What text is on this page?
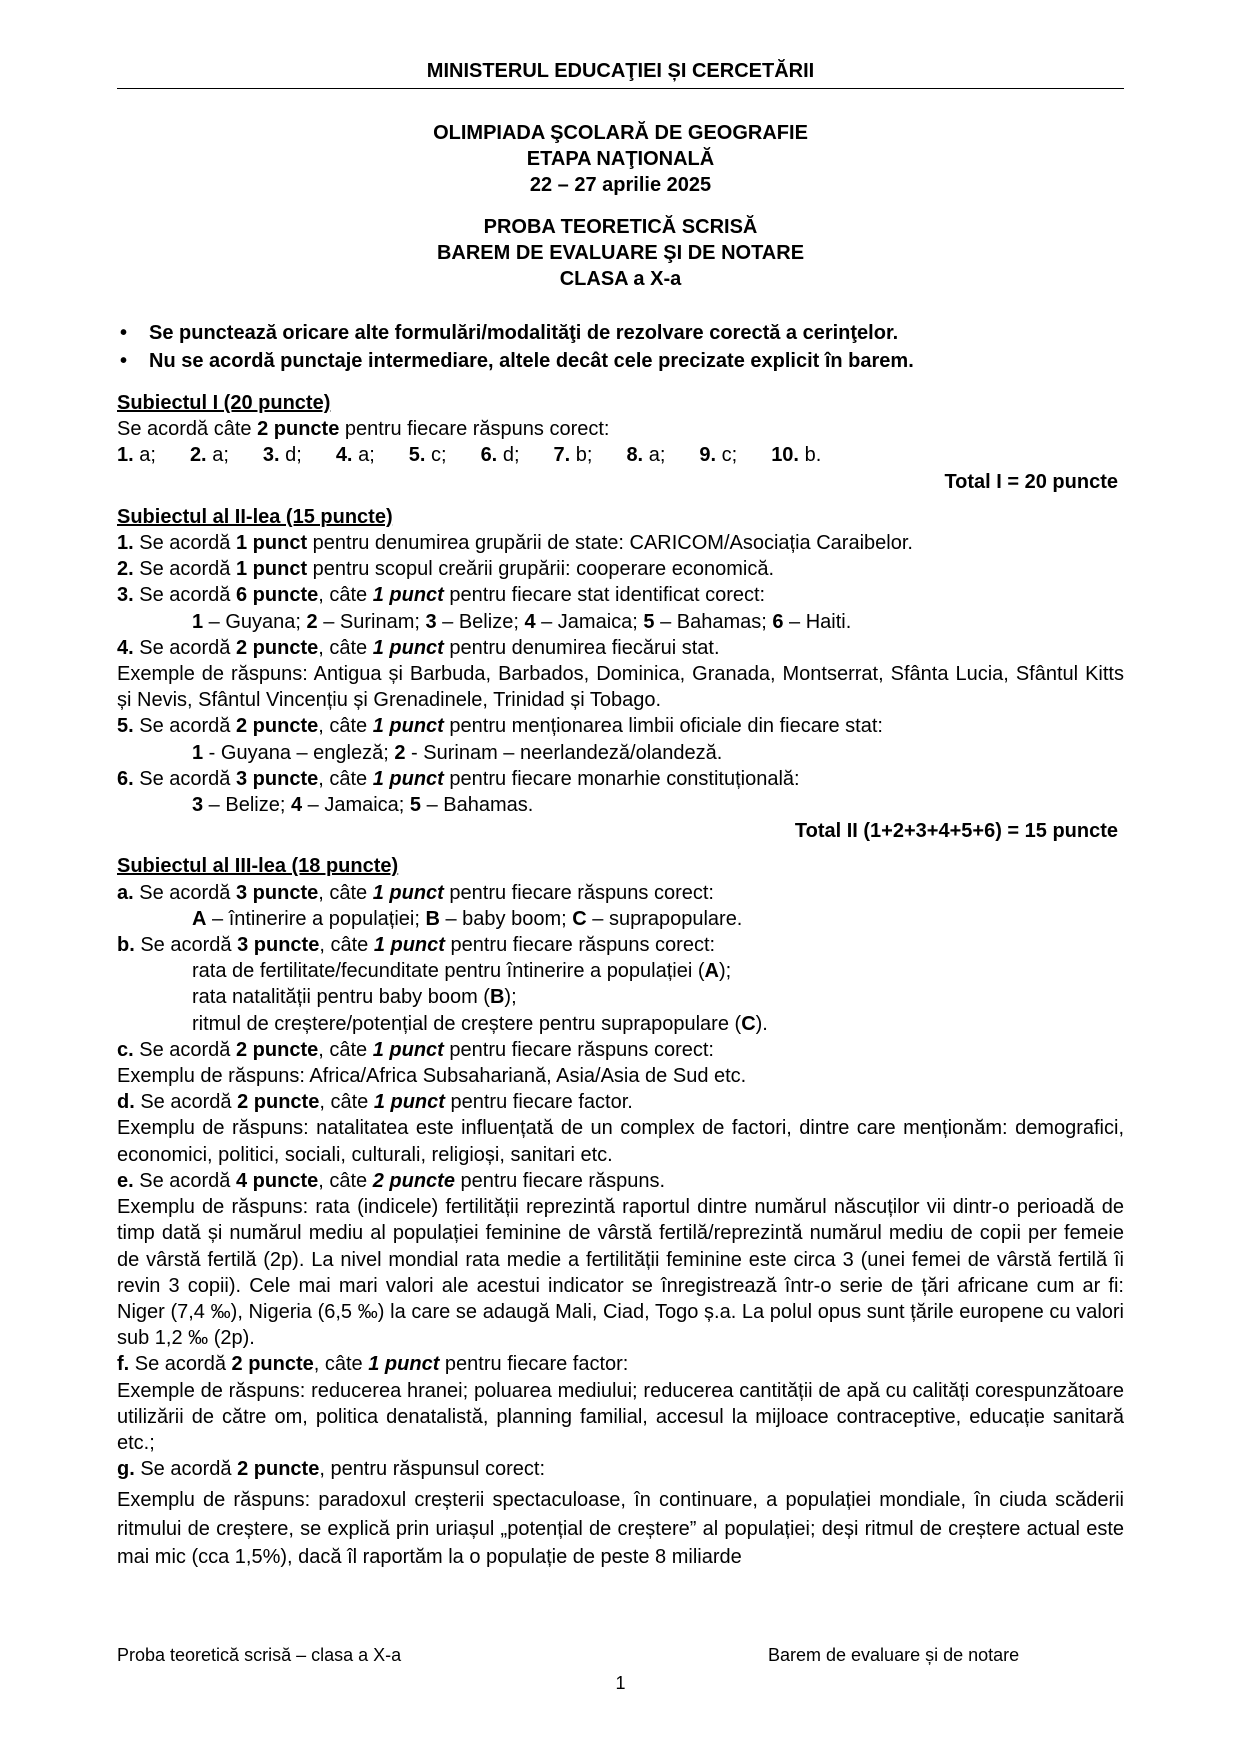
MINISTERUL EDUCAŢIEI ȘI CERCETĂRII
OLIMPIADA ŞCOLARĂ DE GEOGRAFIE
ETAPA NAŢIONALĂ
22 – 27 aprilie 2025
PROBA TEORETICĂ SCRISĂ
BAREM DE EVALUARE ŞI DE NOTARE
CLASA a X-a
• Se punctează oricare alte formulări/modalităţi de rezolvare corectă a cerinţelor.
• Nu se acordă punctaje intermediare, altele decât cele precizate explicit în barem.

Subiectul I (20 puncte)

Se acordă câte 2 puncte pentru fiecare răspuns corect:

1. a; 2. a; 3. d; 4. a; 5. c; 6. d; 7. b; 8. a; 9. c; 10. b.

Total I = 20 puncte

Subiectul al II-lea (15 puncte)

1. Se acordă 1 punct pentru denumirea grupării de state: CARICOM/Asociația Caraibelor.

2. Se acordă 1 punct pentru scopul creării grupării: cooperare economică.

3. Se acordă 6 puncte, câte 1 punct pentru fiecare stat identificat corect:

1 – Guyana; 2 – Surinam; 3 – Belize; 4 – Jamaica; 5 – Bahamas; 6 – Haiti.

4. Se acordă 2 puncte, câte 1 punct pentru denumirea fiecărui stat.

Exemple de răspuns: Antigua și Barbuda, Barbados, Dominica, Granada, Montserrat, Sfânta Lucia, Sfântul Kitts și Nevis, Sfântul Vincențiu și Grenadinele, Trinidad și Tobago.

5. Se acordă 2 puncte, câte 1 punct pentru menționarea limbii oficiale din fiecare stat:

1 - Guyana – engleză; 2 - Surinam – neerlandeză/olandeză.

6. Se acordă 3 puncte, câte 1 punct pentru fiecare monarhie constituțională:

3 – Belize; 4 – Jamaica; 5 – Bahamas.

Total II (1+2+3+4+5+6) = 15 puncte

Subiectul al III-lea (18 puncte)

a. Se acordă 3 puncte, câte 1 punct pentru fiecare răspuns corect:

A – întinerire a populației; B – baby boom; C – suprapopulare.

b. Se acordă 3 puncte, câte 1 punct pentru fiecare răspuns corect:

rata de fertilitate/fecunditate pentru întinerire a populației (A);

rata natalității pentru baby boom (B);

ritmul de creștere/potențial de creștere pentru suprapopulare (C).

c. Se acordă 2 puncte, câte 1 punct pentru fiecare răspuns corect:

Exemplu de răspuns: Africa/Africa Subsahariană, Asia/Asia de Sud etc.

d. Se acordă 2 puncte, câte 1 punct pentru fiecare factor.

Exemplu de răspuns: natalitatea este influențată de un complex de factori, dintre care menționăm: demografici, economici, politici, sociali, culturali, religioși, sanitari etc.

e. Se acordă 4 puncte, câte 2 puncte pentru fiecare răspuns.

Exemplu de răspuns: rata (indicele) fertilității reprezintă raportul dintre numărul născuților vii dintr-o perioadă de timp dată și numărul mediu al populației feminine de vârstă fertilă/reprezintă numărul mediu de copii per femeie de vârstă fertilă (2p). La nivel mondial rata medie a fertilității feminine este circa 3 (unei femei de vârstă fertilă îi revin 3 copii). Cele mai mari valori ale acestui indicator se înregistrează într-o serie de țări africane cum ar fi: Niger (7,4 ‰), Nigeria (6,5 ‰) la care se adaugă Mali, Ciad, Togo ș.a. La polul opus sunt țările europene cu valori sub 1,2 ‰ (2p).

f. Se acordă 2 puncte, câte 1 punct pentru fiecare factor:

Exemple de răspuns: reducerea hranei; poluarea mediului; reducerea cantității de apă cu calități corespunzătoare utilizării de către om, politica denatalistă, planning familial, accesul la mijloace contraceptive, educație sanitară etc.;

g. Se acordă 2 puncte, pentru răspunsul corect:

Exemplu de răspuns: paradoxul creșterii spectaculoase, în continuare, a populației mondiale, în ciuda scăderii ritmului de creștere, se explică prin uriașul „potențial de creștere” al populației; deși ritmul de creștere actual este mai mic (cca 1,5%), dacă îl raportăm la o populație de peste 8 miliarde

Proba teoretică scrisă – clasa a X-a	Barem de evaluare și de notare
1
